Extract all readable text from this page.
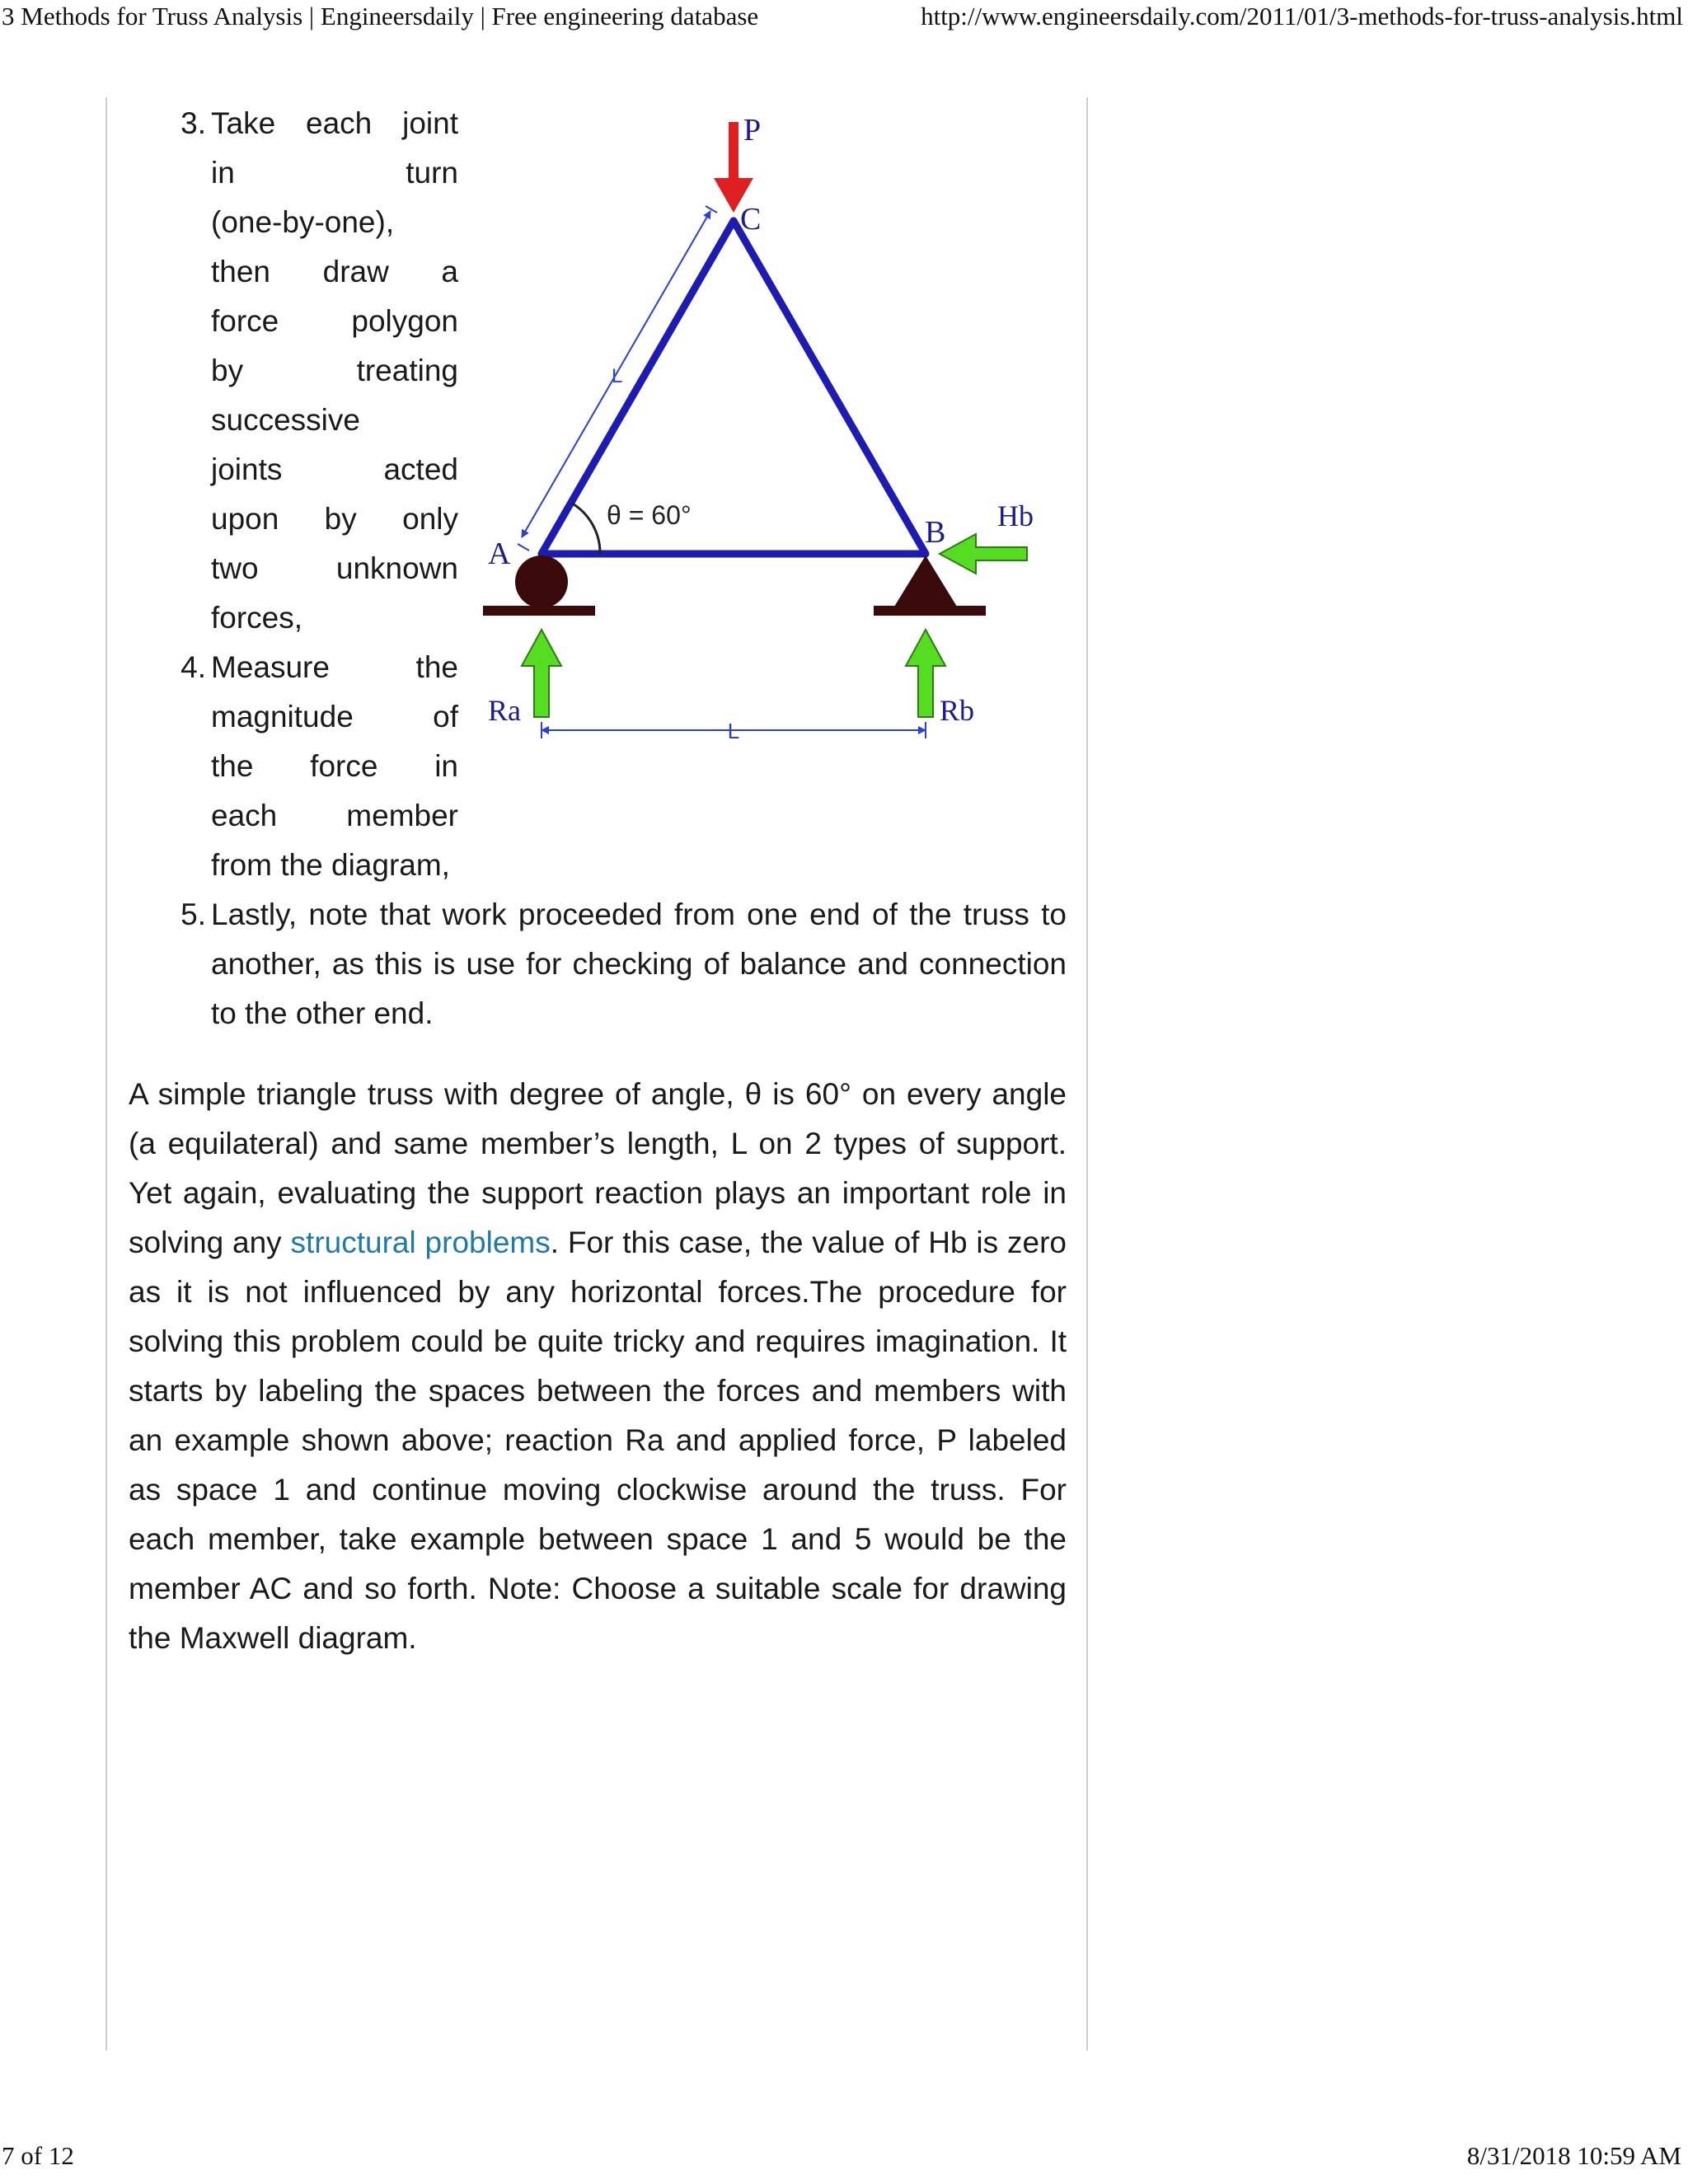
3 Methods for Truss Analysis | Engineersdaily | Free engineering database	http://www.engineersdaily.com/2011/01/3-methods-for-truss-analysis.html
3. Take each joint
in turn
(one-by-one),
then draw a
force polygon
by treating
successive
joints acted
upon by only
two unknown
forces,
4. Measure the
magnitude of
the force in
each member
from the diagram,
P
C
A
B Hb
Ra	Rb
L
L
θ = 60°
5. Lastly, note that work proceeded from one end of the truss to another, as this is use for checking of balance and connection to the other end.

A simple triangle truss with degree of angle, θ is 60° on every angle (a equilateral) and same member’s length, L on 2 types of support. Yet again, evaluating the support reaction plays an important role in solving any structural problems. For this case, the value of Hb is zero as it is not influenced by any horizontal forces.The procedure for solving this problem could be quite tricky and requires imagination. It starts by labeling the spaces between the forces and members with an example shown above; reaction Ra and applied force, P labeled as space 1 and continue moving clockwise around the truss. For each member, take example between space 1 and 5 would be the member AC and so forth. Note: Choose a suitable scale for drawing the Maxwell diagram.

7 of 12	8/31/2018 10:59 AM
